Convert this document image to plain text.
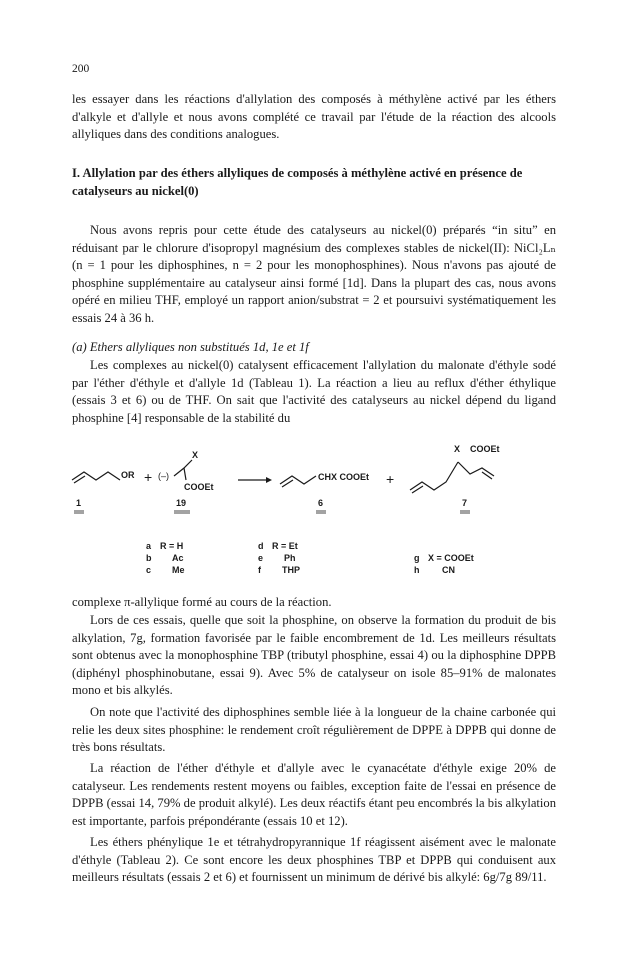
200

les essayer dans les réactions d'allylation des composés à méthylène activé par les éthers d'alkyle et d'allyle et nous avons complété ce travail par l'étude de la réaction des alcools allyliques dans des conditions analogues.

I. Allylation par des éthers allyliques de composés à méthylène activé en présence de catalyseurs au nickel(0)

Nous avons repris pour cette étude des catalyseurs au nickel(0) préparés “in situ” en réduisant par le chlorure d'isopropyl magnésium des complexes stables de nickel(II): NiCl₂Lₙ (n = 1 pour les diphosphines, n = 2 pour les monophosphines). Nous n'avons pas ajouté de phosphine supplémentaire au catalyseur ainsi formé [1d]. Dans la plupart des cas, nous avons opéré en milieu THF, employé un rapport anion/substrat = 2 et poursuivi systématiquement les essais 24 à 36 h.

(a) Ethers allyliques non substitués 1d, 1e et 1f

Les complexes au nickel(0) catalysent efficacement l'allylation du malonate d'éthyle sodé par l'éther d'éthyle et d'allyle 1d (Tableau 1). La réaction a lieu au reflux d'éther éthylique (essais 3 et 6) ou de THF. On sait que l'activité des catalyseurs au nickel dépend du ligand phosphine [4] responsable de la stabilité du

OR + (–)
X
COOEt
CHX COOEt +
X COOEt
1	19	6	7
a R = H
b Ac
c Me
d R = Et
e Ph
f THP
g X = COOEt
h	CN

complexe π-allylique formé au cours de la réaction.

Lors de ces essais, quelle que soit la phosphine, on observe la formation du produit de bis alkylation, 7g, formation favorisée par le faible encombrement de 1d. Les meilleurs résultats sont obtenus avec la monophosphine TBP (tributyl phosphine, essai 4) ou la diphosphine DPPB (diphényl phosphinobutane, essai 9). Avec 5% de catalyseur on isole 85–91% de malonates mono et bis alkylés.

On note que l'activité des diphosphines semble liée à la longueur de la chaine carbonée qui relie les deux sites phosphine: le rendement croît régulièrement de DPPE à DPPB qui donne de très bons résultats.

La réaction de l'éther d'éthyle et d'allyle avec le cyanacétate d'éthyle exige 20% de catalyseur. Les rendements restent moyens ou faibles, exception faite de l'essai en présence de DPPB (essai 14, 79% de produit alkylé). Les deux réactifs étant peu encombrés la bis alkylation est importante, parfois prépondérante (essais 10 et 12).

Les éthers phénylique 1e et tétrahydropyrannique 1f réagissent aisément avec le malonate d'éthyle (Tableau 2). Ce sont encore les deux phosphines TBP et DPPB qui conduisent aux meilleurs résultats (essais 2 et 6) et fournissent un minimum de dérivé bis alkylé: 6g/7g 89/11.
